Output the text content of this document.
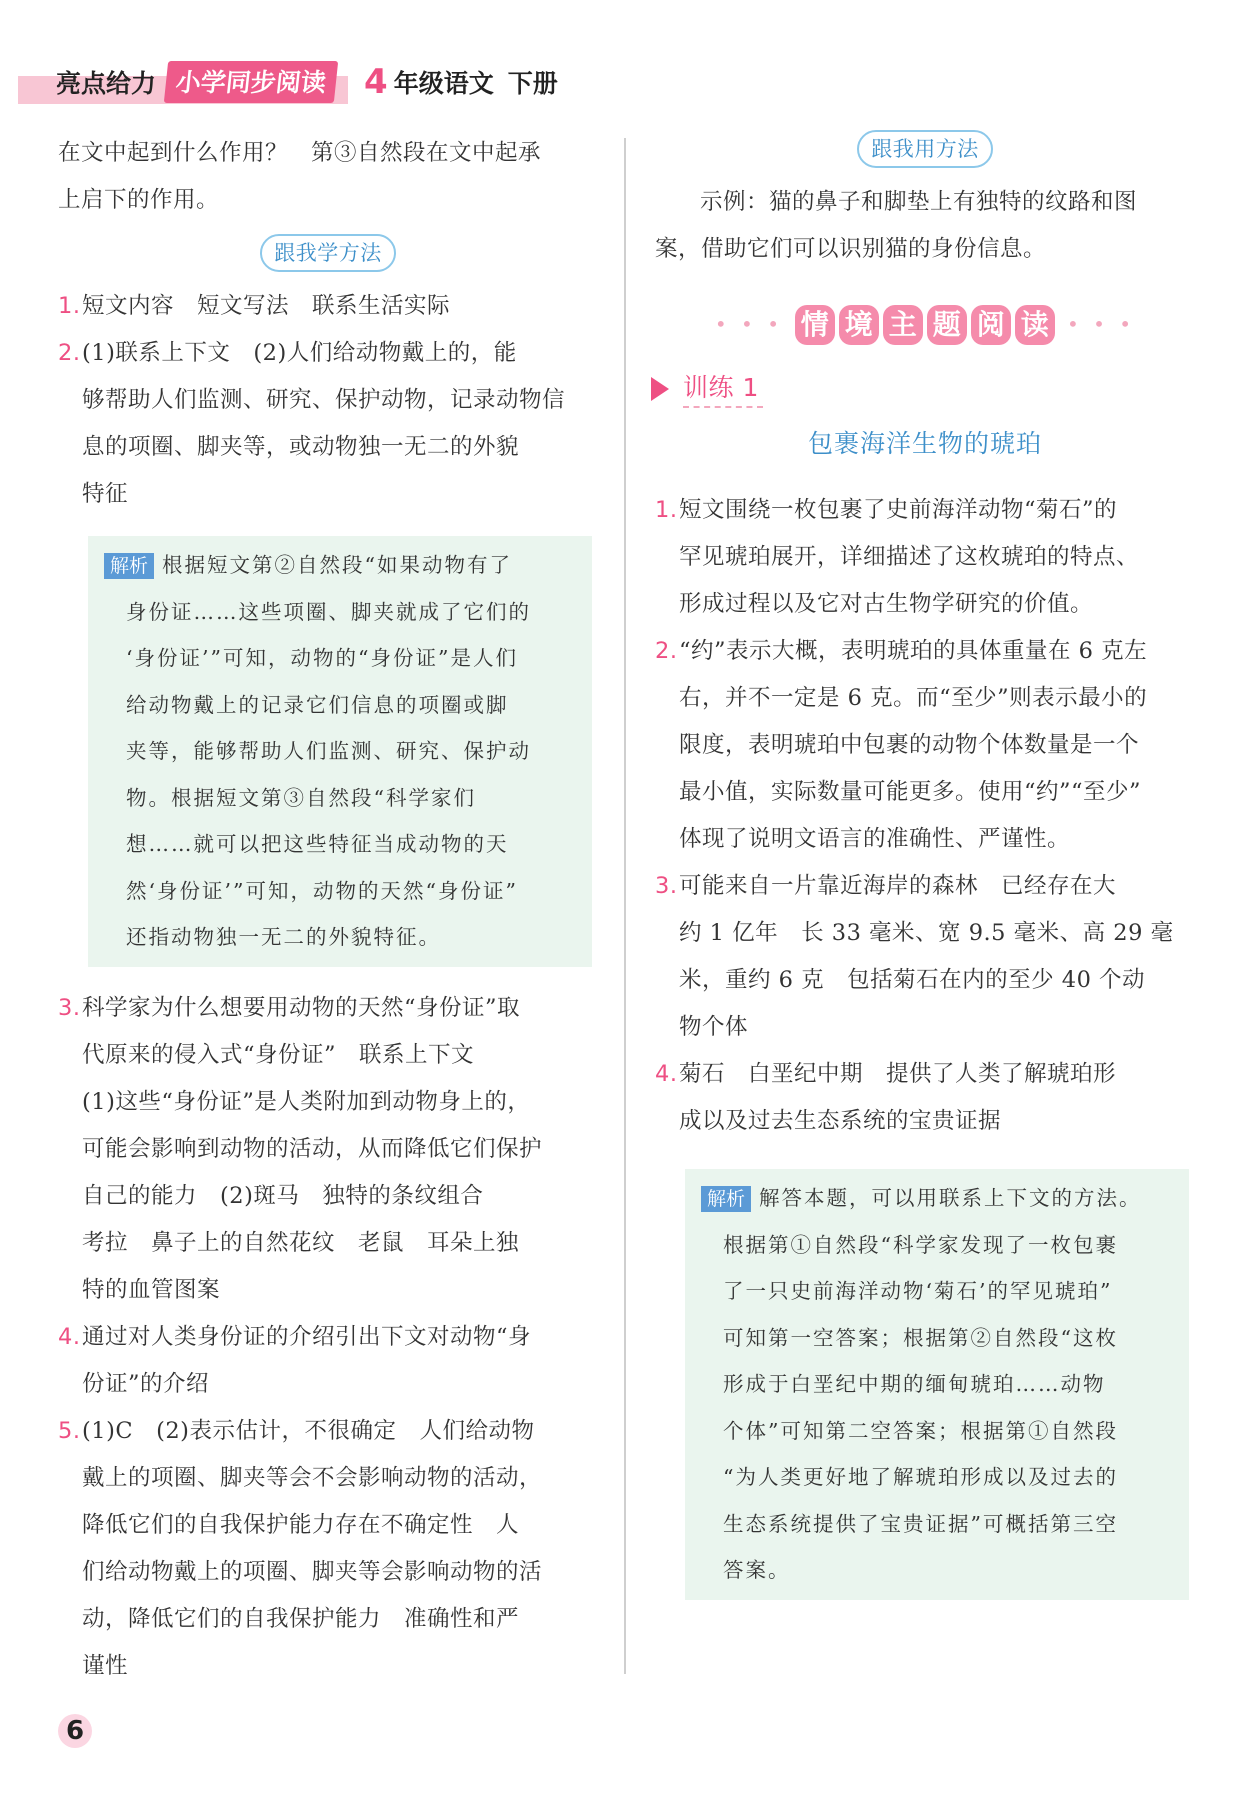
亮点给力 小学同步阅读	4 年级语文 下册

在文中起到什么作用？　第③自然段在文中起承

上启下的作用。

跟我学方法
1. 短文内容　短文写法　联系生活实际

2. (1)联系上下文　(2)人们给动物戴上的，能

够帮助人们监测、研究、保护动物，记录动物信

息的项圈、脚夹等，或动物独一无二的外貌

特征

解析 根据短文第②自然段“如果动物有了

身份证……这些项圈、脚夹就成了它们的

‘身份证’”可知，动物的“身份证”是人们

给动物戴上的记录它们信息的项圈或脚

夹等，能够帮助人们监测、研究、保护动

物。根据短文第③自然段“科学家们

想……就可以把这些特征当成动物的天

然‘身份证’”可知，动物的天然“身份证”

还指动物独一无二的外貌特征。

3. 科学家为什么想要用动物的天然“身份证”取

代原来的侵入式“身份证”　联系上下文

(1)这些“身份证”是人类附加到动物身上的，

可能会影响到动物的活动，从而降低它们保护

自己的能力　(2)斑马　独特的条纹组合

考拉　鼻子上的自然花纹　老鼠　耳朵上独

特的血管图案

4. 通过对人类身份证的介绍引出下文对动物“身

份证”的介绍

5. (1)C　(2)表示估计，不很确定　人们给动物

戴上的项圈、脚夹等会不会影响动物的活动，

降低它们的自我保护能力存在不确定性　人

们给动物戴上的项圈、脚夹等会影响动物的活

动，降低它们的自我保护能力　准确性和严

谨性

跟我用方法

示例：猫的鼻子和脚垫上有独特的纹路和图

案，借助它们可以识别猫的身份信息。

• • • 情 境 主 题 阅 读 • • •
训练 1
包裹海洋生物的琥珀
1. 短文围绕一枚包裹了史前海洋动物“菊石”的

罕见琥珀展开，详细描述了这枚琥珀的特点、

形成过程以及它对古生物学研究的价值。

2. “约”表示大概，表明琥珀的具体重量在 6 克左

右，并不一定是 6 克。而“至少”则表示最小的

限度，表明琥珀中包裹的动物个体数量是一个

最小值，实际数量可能更多。使用“约”“至少”

体现了说明文语言的准确性、严谨性。

3. 可能来自一片靠近海岸的森林　已经存在大

约 1 亿年　长 33 毫米、宽 9.5 毫米、高 29 毫

米，重约 6 克　包括菊石在内的至少 40 个动

物个体

4. 菊石　白垩纪中期　提供了人类了解琥珀形

成以及过去生态系统的宝贵证据

解析 解答本题，可以用联系上下文的方法。

根据第①自然段“科学家发现了一枚包裹

了一只史前海洋动物‘菊石’的罕见琥珀”

可知第一空答案；根据第②自然段“这枚

形成于白垩纪中期的缅甸琥珀……动物

个体”可知第二空答案；根据第①自然段

“为人类更好地了解琥珀形成以及过去的

生态系统提供了宝贵证据”可概括第三空

答案。

6
